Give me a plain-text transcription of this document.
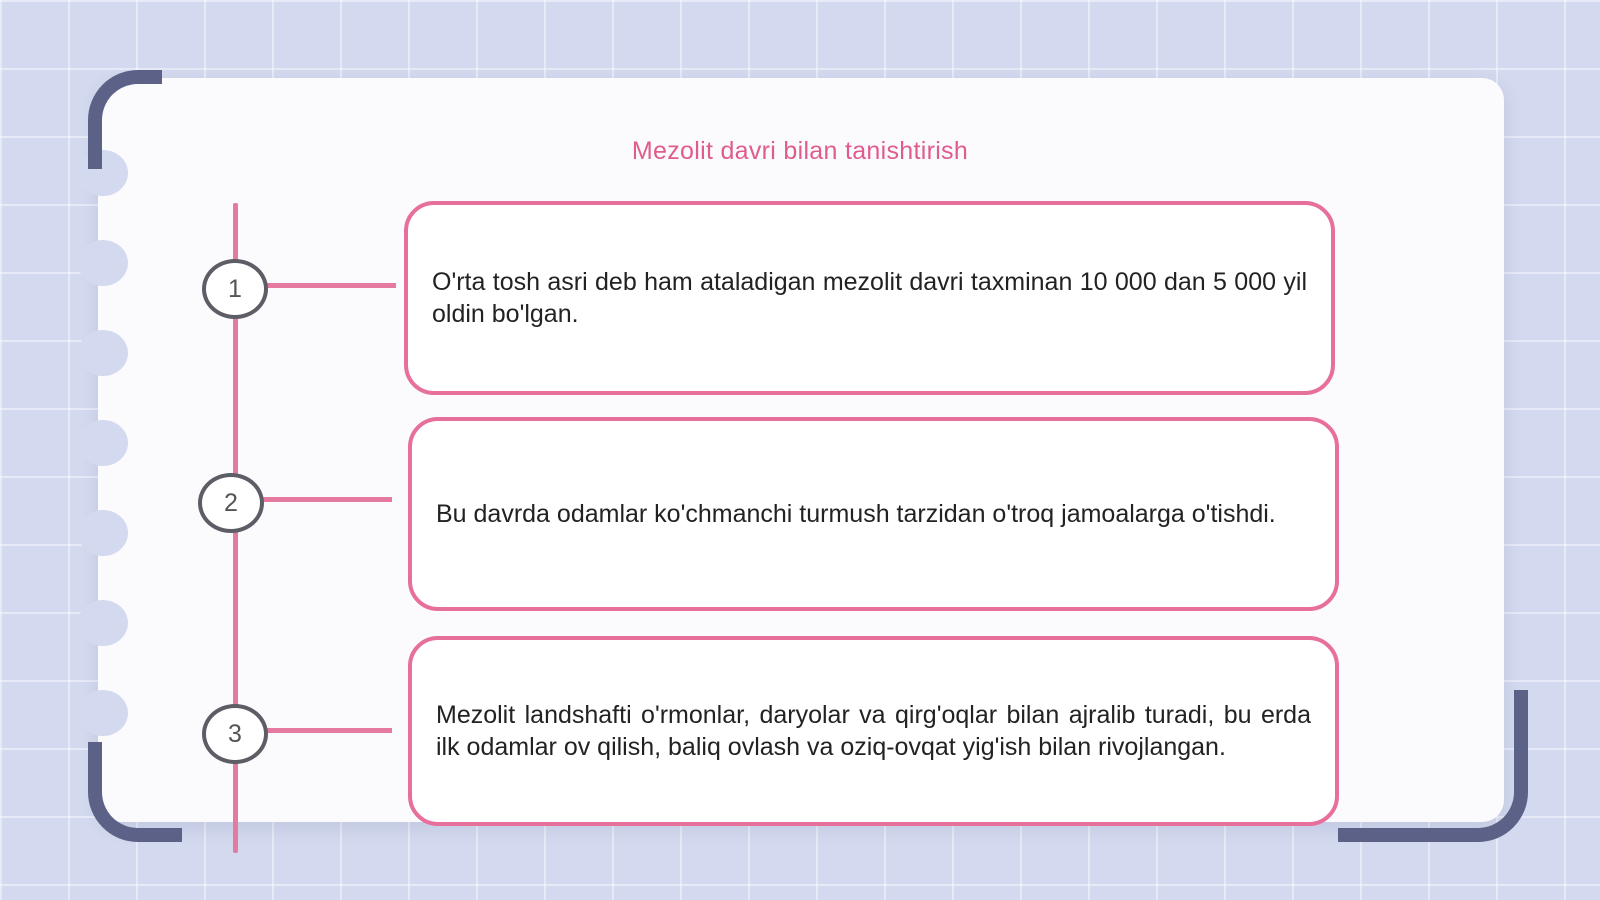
Mezolit davri bilan tanishtirish
1	O'rta tosh asri deb ham ataladigan mezolit davri taxminan 10 000 dan 5 000 yil oldin bo'lgan.

2	Bu davrda odamlar ko'chmanchi turmush tarzidan o'troq jamoalarga o'tishdi.

3

Mezolit landshafti o'rmonlar, daryolar va qirg'oqlar bilan ajralib turadi, bu erda ilk odamlar ov qilish, baliq ovlash va oziq-ovqat yig'ish bilan rivojlangan.
